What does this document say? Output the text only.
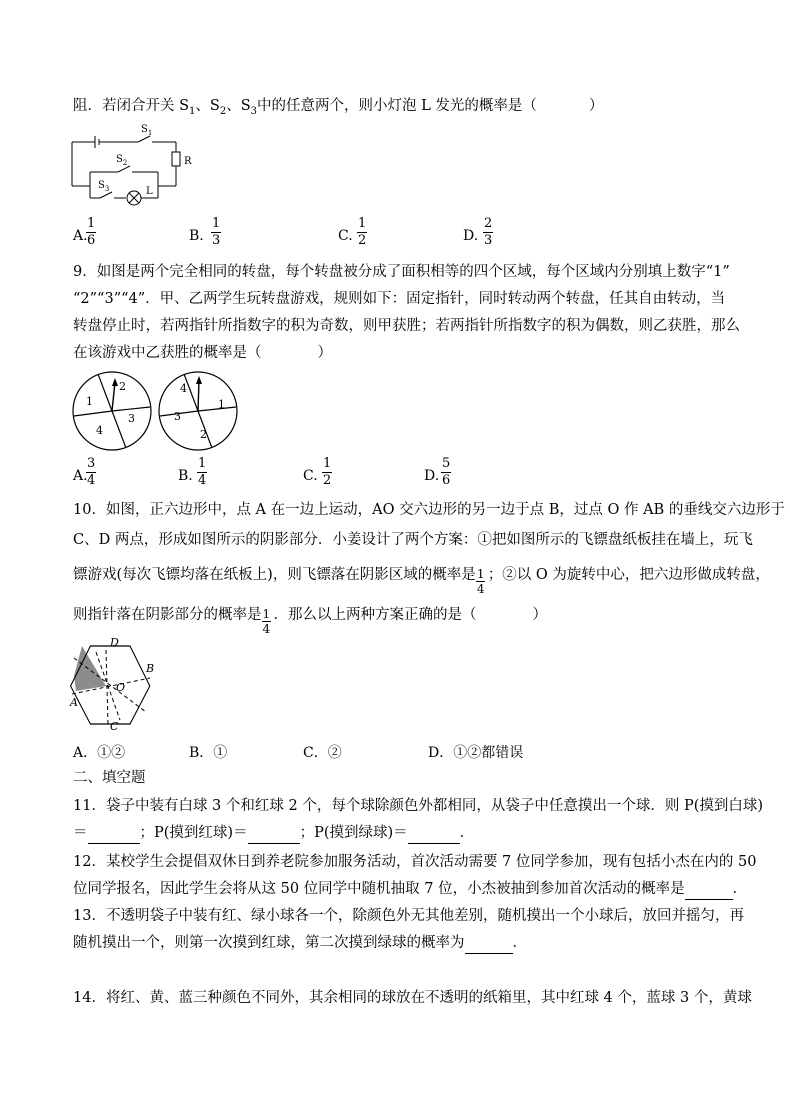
阻．若闭合开关 $S_1$、$S_2$、$S_3$中的任意两个，则小灯泡 L 发光的概率是（	）
$S_1$
$S_2$
$S_3$
R
L
A.
$\frac{1}{6}$	B. $\frac{1}{3}$	C. $\frac{1}{2}$	D. $\frac{2}{3}$
9．如图是两个完全相同的转盘，每个转盘被分成了面积相等的四个区域，每个区域内分别填上数字“1”
“2”“3”“4”．甲、乙两学生玩转盘游戏，规则如下：固定指针，同时转动两个转盘，任其自由转动，当
转盘停止时，若两指针所指数字的积为奇数，则甲获胜；若两指针所指数字的积为偶数，则乙获胜，那么
在该游戏中乙获胜的概率是（	）
1
2
3
4
4
1
2
3
A.
$\frac{3}{4}$	B. $\frac{1}{4}$	C. $\frac{1}{2}$	D. $\frac{5}{6}$
10．如图，正六边形中，点 A 在一边上运动，AO 交六边形的另一边于点 B，过点 O 作 AB 的垂线交六边形于
C、D 两点，形成如图所示的阴影部分．小姜设计了两个方案：①把如图所示的飞镖盘纸板挂在墙上，玩飞
镖游戏(每次飞镖均落在纸板上)，则飞镖落在阴影区域的概率是 $\frac{1}{4}$ ；②以 O 为旋转中心，把六边形做成转盘，
则指针落在阴影部分的概率是 $\frac{1}{4}$ ．那么以上两种方案正确的是（	）
D
B
O
A
C
A．①②	B．①	C．②	D．①②都错误
二、填空题
11．袋子中装有白球 3 个和红球 2 个，每个球除颜色外都相同，从袋子中任意摸出一个球．则 P(摸到白球)
＝	；P(摸到红球)＝	；P(摸到绿球)＝	．
12．某校学生会提倡双休日到养老院参加服务活动，首次活动需要 7 位同学参加，现有包括小杰在内的 50
位同学报名，因此学生会将从这 50 位同学中随机抽取 7 位，小杰被抽到参加首次活动的概率是	．
13．不透明袋子中装有红、绿小球各一个，除颜色外无其他差别，随机摸出一个小球后，放回并摇匀，再
随机摸出一个，则第一次摸到红球，第二次摸到绿球的概率为	．
14．将红、黄、蓝三种颜色不同外，其余相同的球放在不透明的纸箱里，其中红球 4 个，蓝球 3 个，黄球
